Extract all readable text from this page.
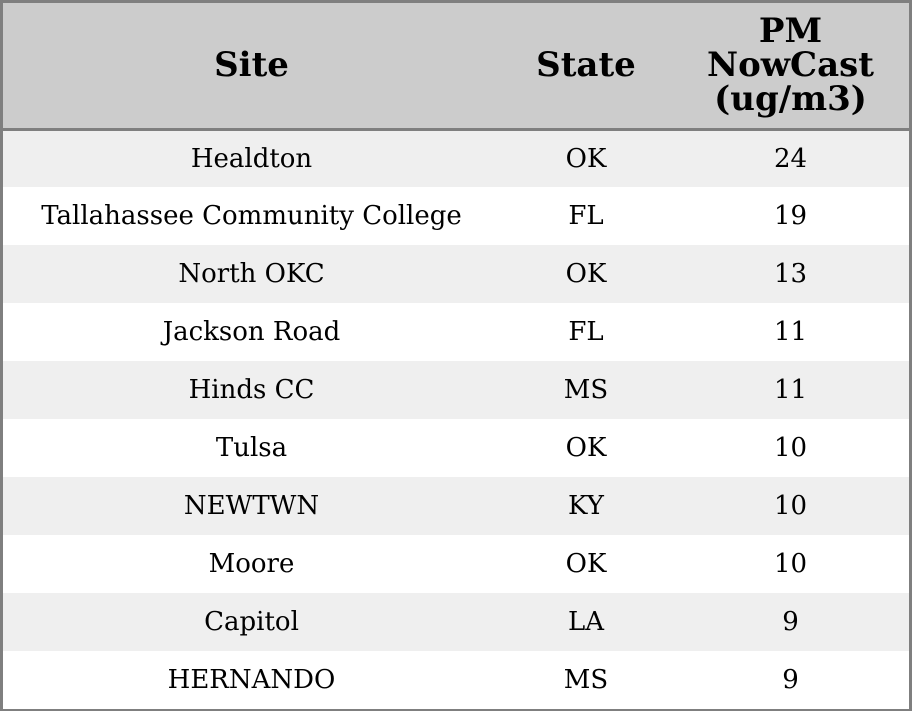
Site	State	PM
NowCast
(ug/m3)
Healdton	OK	24
Tallahassee Community College	FL	19
North OKC	OK	13
Jackson Road	FL	11
Hinds CC	MS	11
Tulsa	OK	10
NEWTWN	KY	10
Moore	OK	10
Capitol	LA	9
HERNANDO	MS	9
